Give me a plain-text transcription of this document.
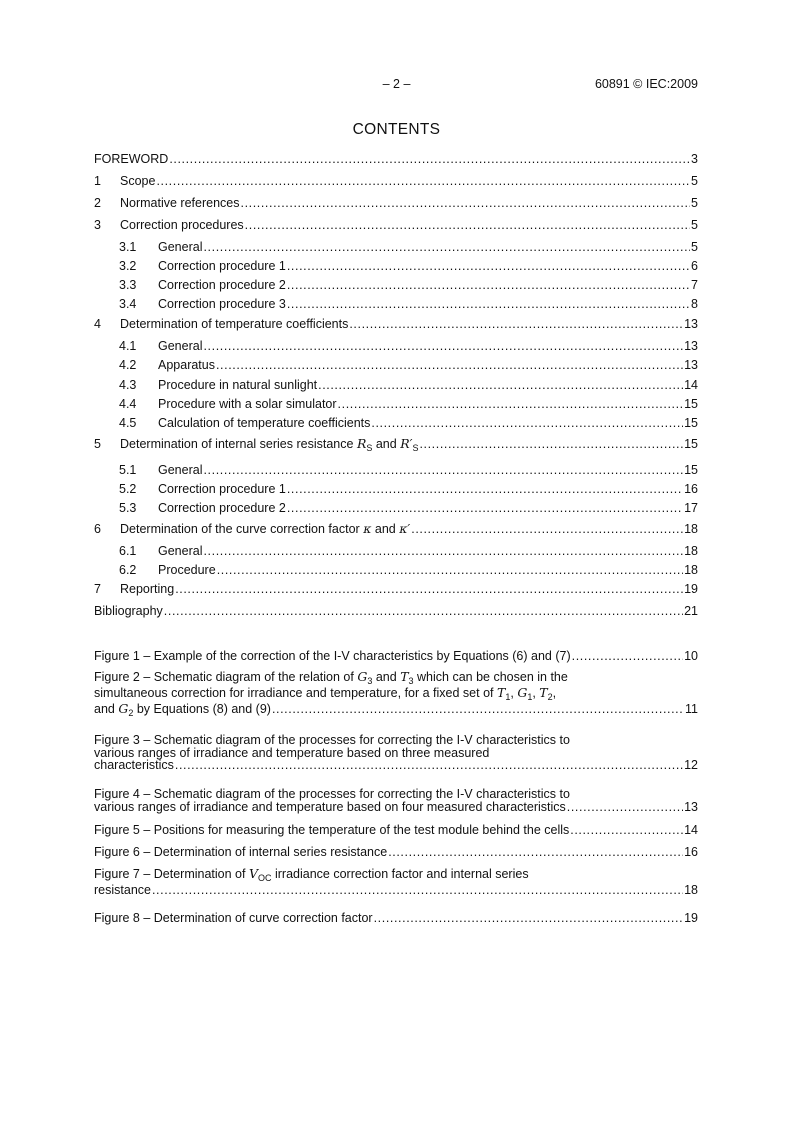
– 2 –	60891 © IEC:2009
CONTENTS
FOREWORD .....	3
1	Scope .....	5
2	Normative references .....	5
3	Correction procedures .....	5
3.1	General .....	5
3.2	Correction procedure 1 .....	6
3.3	Correction procedure 2 .....	7
3.4	Correction procedure 3 .....	8
4	Determination of temperature coefficients .....	13
4.1	General .....	13
4.2	Apparatus .....	13
4.3	Procedure in natural sunlight .....	14
4.4	Procedure with a solar simulator .....	15
4.5	Calculation of temperature coefficients .....	15
5	Determination of internal series resistance $R_S$ and $R'_S$ .....	15
5.1	General .....	15
5.2	Correction procedure 1 .....	16
5.3	Correction procedure 2 .....	17
6	Determination of the curve correction factor κ and κ′ .....	18
6.1	General .....	18
6.2	Procedure .....	18
7	Reporting .....	19
Bibliography .....	21
Figure 1 – Example of the correction of the I-V characteristics by Equations (6) and (7) .....	10
Figure 2 – Schematic diagram of the relation of $G_3$ and $T_3$ which can be chosen in the
simultaneous correction for irradiance and temperature, for a fixed set of $T_1$, $G_1$, $T_2$,
and $G_2$ by Equations (8) and (9) .....	11
Figure 3 – Schematic diagram of the processes for correcting the I-V characteristics to
various ranges of irradiance and temperature based on three measured
characteristics .....	12
Figure 4 – Schematic diagram of the processes for correcting the I-V characteristics to
various ranges of irradiance and temperature based on four measured characteristics .....	13
Figure 5 – Positions for measuring the temperature of the test module behind the cells .....	14
Figure 6 – Determination of internal series resistance .....	16
Figure 7 – Determination of $V_{OC}$ irradiance correction factor and internal series
resistance .....	18
Figure 8 – Determination of curve correction factor .....	19
